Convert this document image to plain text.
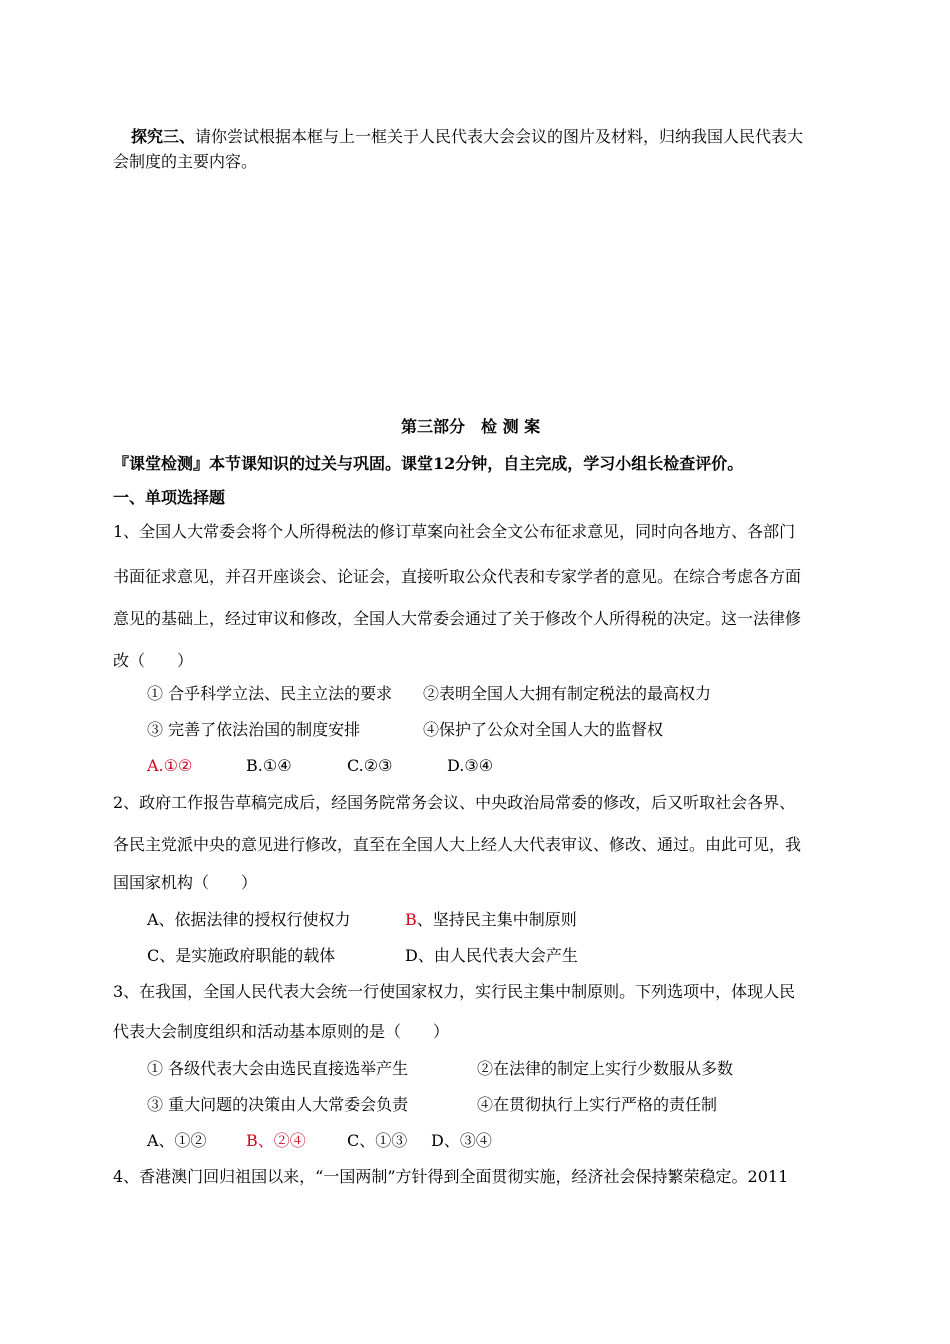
探究三、请你尝试根据本框与上一框关于人民代表大会会议的图片及材料，归纳我国人民代表大
会制度的主要内容。
第三部分　检 测 案
『课堂检测』本节课知识的过关与巩固。课堂12分钟，自主完成，学习小组长检查评价。
一、单项选择题
1、全国人大常委会将个人所得税法的修订草案向社会全文公布征求意见，同时向各地方、各部门
书面征求意见，并召开座谈会、论证会，直接听取公众代表和专家学者的意见。在综合考虑各方面
意见的基础上，经过审议和修改，全国人大常委会通过了关于修改个人所得税的决定。这一法律修
改（　　）
① 合乎科学立法、民主立法的要求 ②表明全国人大拥有制定税法的最高权力
③ 完善了依法治国的制度安排	④保护了公众对全国人大的监督权
A.①②	B.①④	C.②③	D.③④
2、政府工作报告草稿完成后，经国务院常务会议、中央政治局常委的修改，后又听取社会各界、
各民主党派中央的意见进行修改，直至在全国人大上经人大代表审议、修改、通过。由此可见，我
国国家机构（　　）
A、依据法律的授权行使权力	B、坚持民主集中制原则
C、是实施政府职能的载体	D、由人民代表大会产生
3、在我国，全国人民代表大会统一行使国家权力，实行民主集中制原则。下列选项中，体现人民
代表大会制度组织和活动基本原则的是（　　）
① 各级代表大会由选民直接选举产生	②在法律的制定上实行少数服从多数
③ 重大问题的决策由人大常委会负责	④在贯彻执行上实行严格的责任制
A、①② B、②④	C、①③ D、③④
4、香港澳门回归祖国以来，“一国两制”方针得到全面贯彻实施，经济社会保持繁荣稳定。2011
